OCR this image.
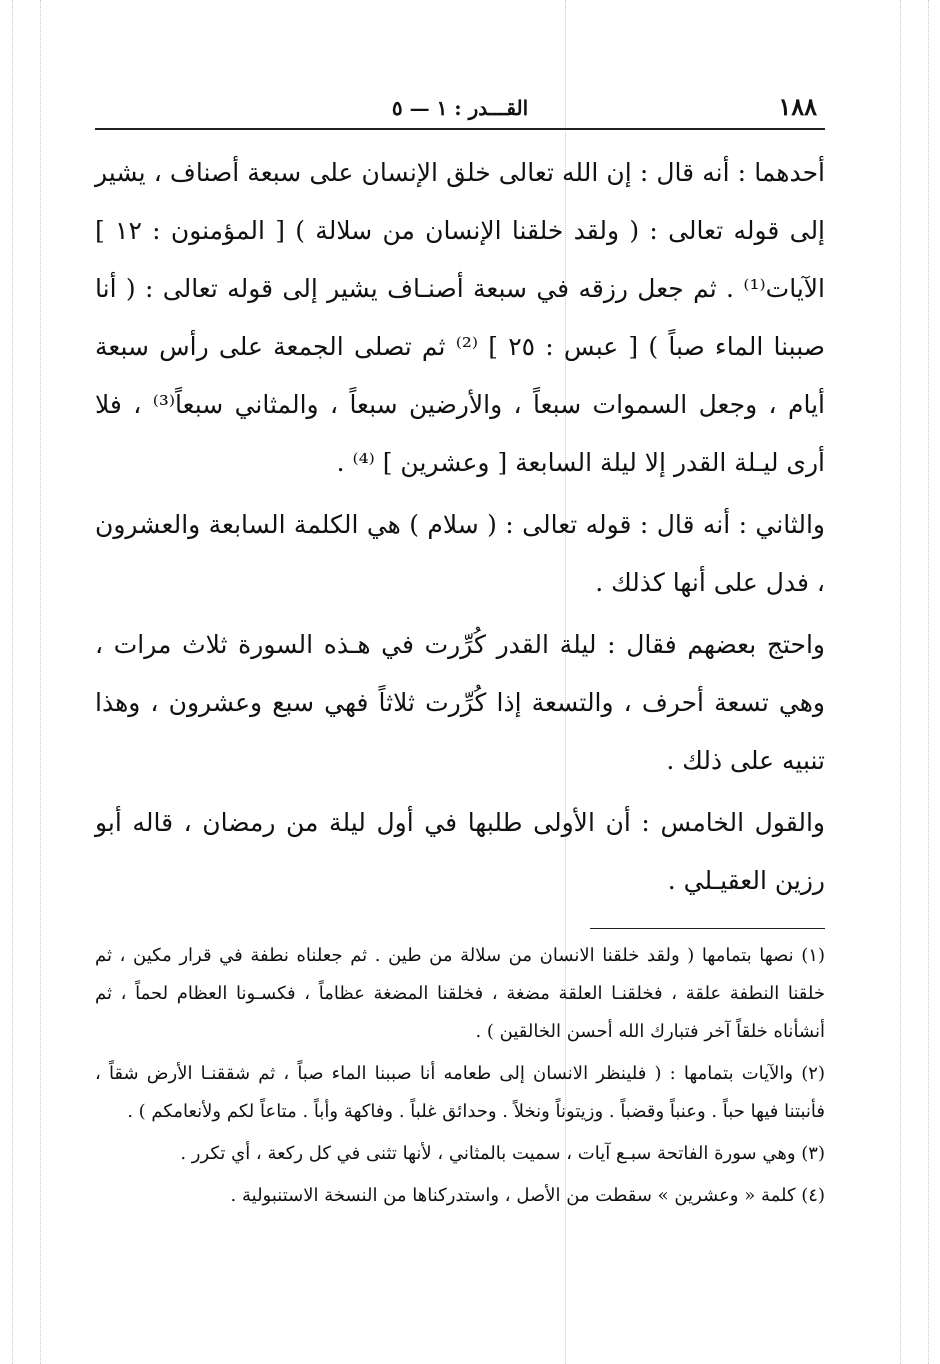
١٨٨
القـــدر : ١ — ٥

أحدهما : أنه قال : إن الله تعالى خلق الإنسان على سبعة أصناف ، يشير إلى قوله تعالى : ( ولقد خلقنا الإنسان من سلالة ) [ المؤمنون : ١٢ ] الآيات⁽¹⁾ . ثم جعل رزقه في سبعة أصنـاف يشير إلى قوله تعالى : ( أنا صببنا الماء صباً ) [ عبس : ٢٥ ] ⁽²⁾ ثم تصلى الجمعة على رأس سبعة أيام ، وجعل السموات سبعاً ، والأرضين سبعاً ، والمثاني سبعاً⁽³⁾ ، فلا أرى ليـلة القدر إلا ليلة السابعة [ وعشرين ] ⁽⁴⁾ .

والثاني : أنه قال : قوله تعالى : ( سلام ) هي الكلمة السابعة والعشرون ، فدل على أنها كذلك .

واحتج بعضهم فقال : ليلة القدر كُرِّرت في هـذه السورة ثلاث مرات ، وهي تسعة أحرف ، والتسعة إذا كُرِّرت ثلاثاً فهي سبع وعشرون ، وهذا تنبيه على ذلك .

والقول الخامس : أن الأولى طلبها في أول ليلة من رمضان ، قاله أبو رزين العقيـلي .

(١) نصها بتمامها ( ولقد خلقنا الانسان من سلالة من طين . ثم جعلناه نطفة في قرار مكين ، ثم خلقنا النطفة علقة ، فخلقنـا العلقة مضغة ، فخلقنا المضغة عظاماً ، فكسـونا العظام لحماً ، ثم أنشأناه خلقاً آخر فتبارك الله أحسن الخالقين ) .

(٢) والآيات بتمامها : ( فلينظر الانسان إلى طعامه أنا صببنا الماء صباً ، ثم شققنـا الأرض شقاً ، فأنبتنا فيها حباً . وعنباً وقضباً . وزيتوناً ونخلاً . وحدائق غلباً . وفاكهة وأباً . متاعاً لكم ولأنعامكم ) .

(٣) وهي سورة الفاتحة سبـع آيات ، سميت بالمثاني ، لأنها تثنى في كل ركعة ، أي تكرر .

(٤) كلمة « وعشرين » سقطت من الأصل ، واستدركناها من النسخة الاستنبولية .
